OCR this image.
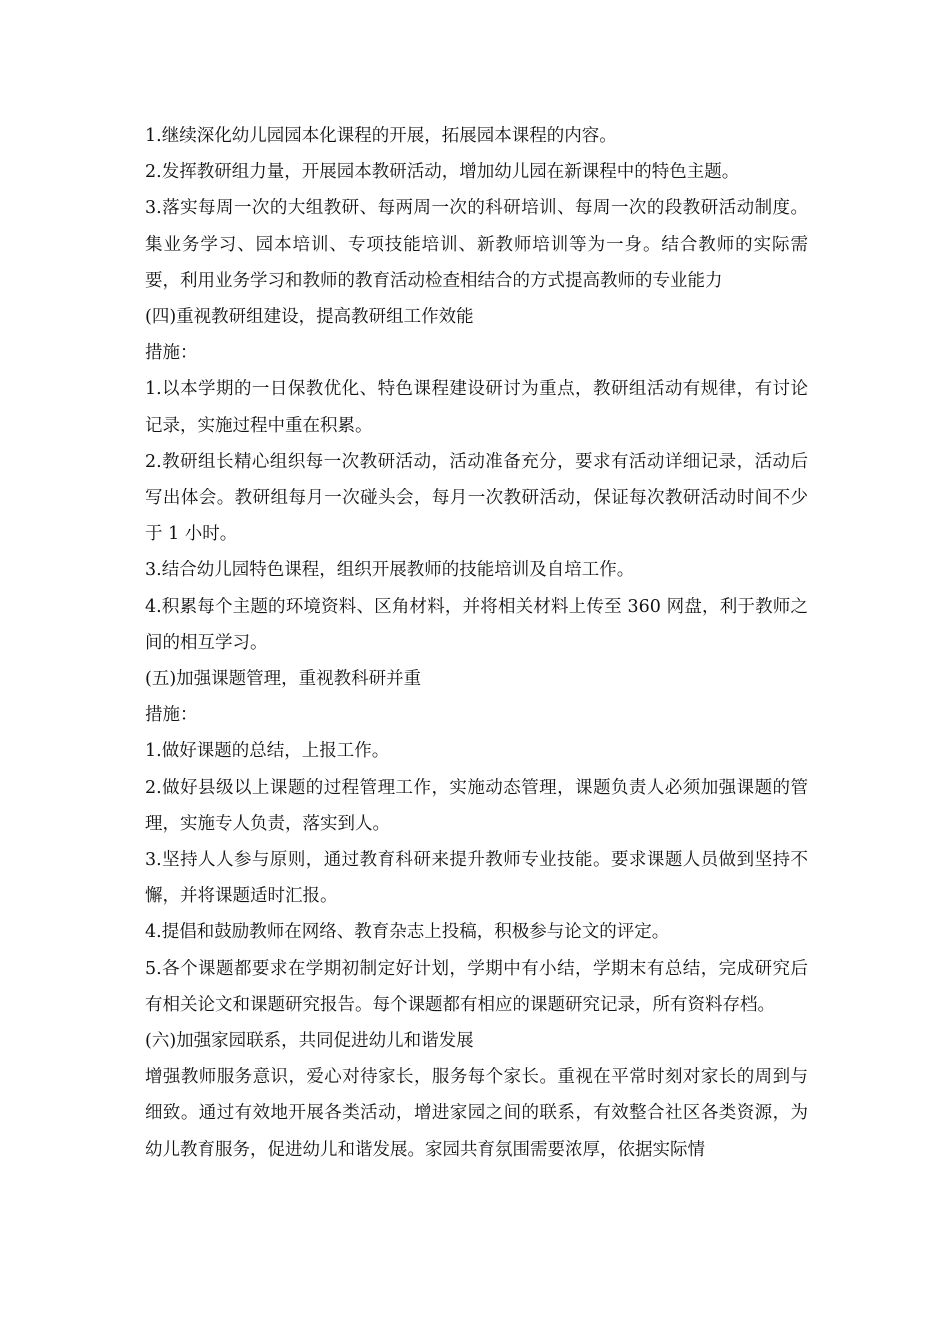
1.继续深化幼儿园园本化课程的开展，拓展园本课程的内容。

2.发挥教研组力量，开展园本教研活动，增加幼儿园在新课程中的特色主题。

3.落实每周一次的大组教研、每两周一次的科研培训、每周一次的段教研活动制度。集业务学习、园本培训、专项技能培训、新教师培训等为一身。结合教师的实际需要，利用业务学习和教师的教育活动检查相结合的方式提高教师的专业能力

(四)重视教研组建设，提高教研组工作效能

措施：

1.以本学期的一日保教优化、特色课程建设研讨为重点，教研组活动有规律，有讨论记录，实施过程中重在积累。

2.教研组长精心组织每一次教研活动，活动准备充分，要求有活动详细记录，活动后写出体会。教研组每月一次碰头会，每月一次教研活动，保证每次教研活动时间不少于 1 小时。

3.结合幼儿园特色课程，组织开展教师的技能培训及自培工作。

4.积累每个主题的环境资料、区角材料，并将相关材料上传至 360 网盘，利于教师之间的相互学习。

(五)加强课题管理，重视教科研并重

措施：

1.做好课题的总结，上报工作。

2.做好县级以上课题的过程管理工作，实施动态管理，课题负责人必须加强课题的管理，实施专人负责，落实到人。

3.坚持人人参与原则，通过教育科研来提升教师专业技能。要求课题人员做到坚持不懈，并将课题适时汇报。

4.提倡和鼓励教师在网络、教育杂志上投稿，积极参与论文的评定。

5.各个课题都要求在学期初制定好计划，学期中有小结，学期末有总结，完成研究后有相关论文和课题研究报告。每个课题都有相应的课题研究记录，所有资料存档。

(六)加强家园联系，共同促进幼儿和谐发展

增强教师服务意识，爱心对待家长，服务每个家长。重视在平常时刻对家长的周到与细致。通过有效地开展各类活动，增进家园之间的联系，有效整合社区各类资源，为幼儿教育服务，促进幼儿和谐发展。家园共育氛围需要浓厚，依据实际情
